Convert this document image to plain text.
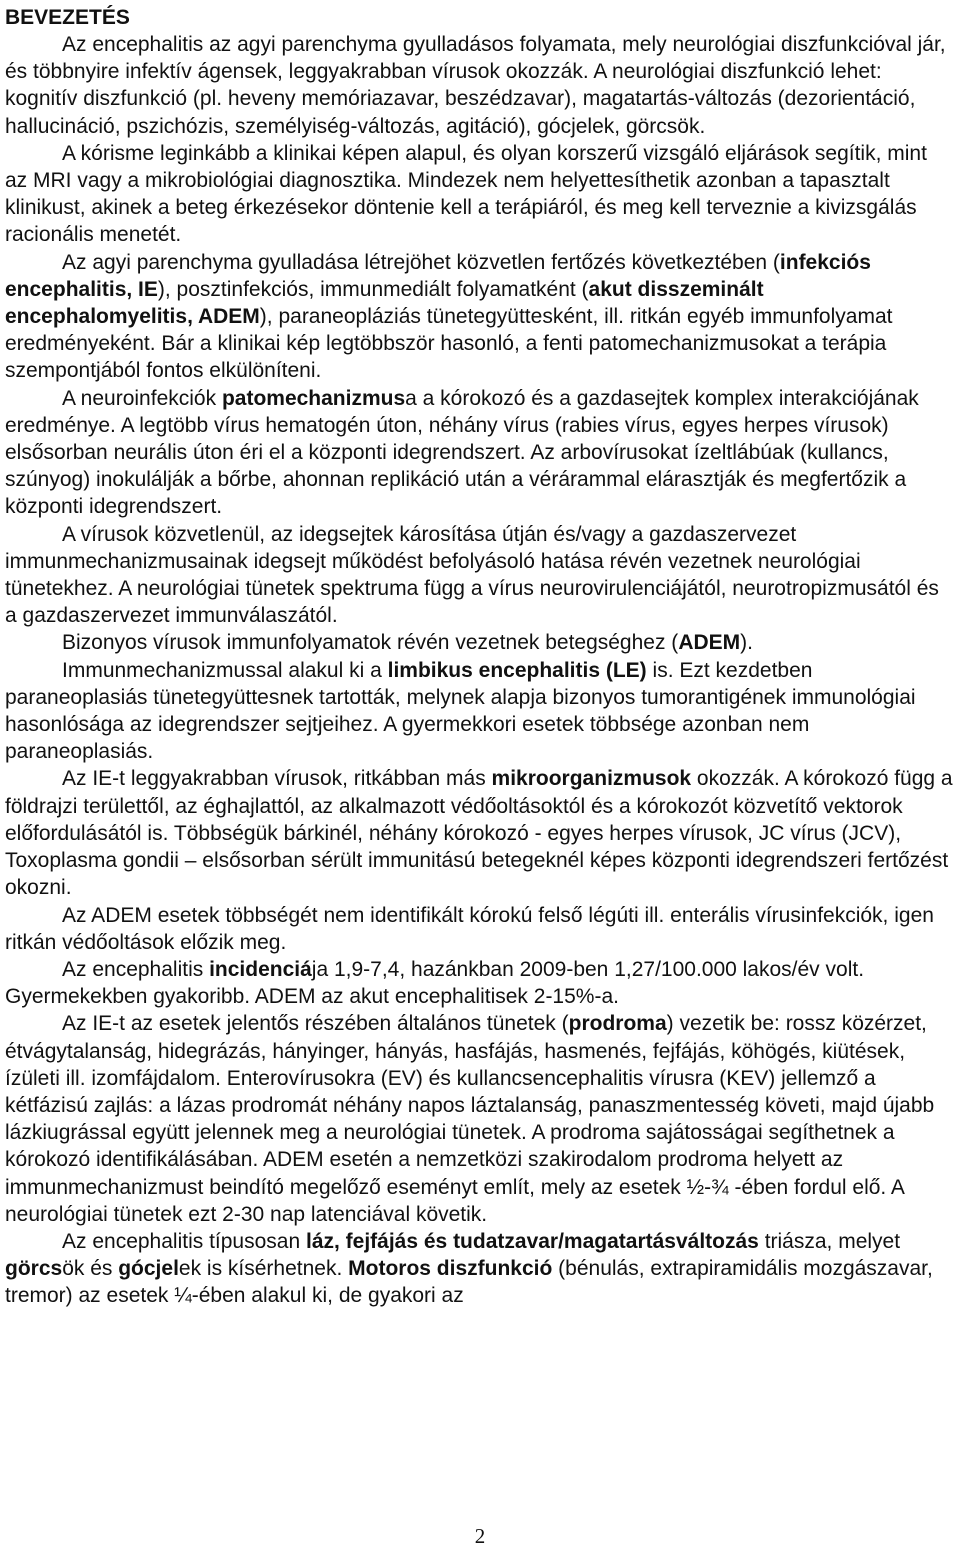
BEVEZETÉS

Az encephalitis az agyi parenchyma gyulladásos folyamata, mely neurológiai diszfunkcióval jár, és többnyire infektív ágensek, leggyakrabban vírusok okozzák. A neurológiai diszfunkció lehet: kognitív diszfunkció (pl. heveny memóriazavar, beszédzavar), magatartás-változás (dezorientáció, hallucináció, pszichózis, személyiség-változás, agitáció), gócjelek, görcsök.

A kórisme leginkább a klinikai képen alapul, és olyan korszerű vizsgáló eljárások segítik, mint az MRI vagy a mikrobiológiai diagnosztika. Mindezek nem helyettesíthetik azonban a tapasztalt klinikust, akinek a beteg érkezésekor döntenie kell a terápiáról, és meg kell terveznie a kivizsgálás racionális menetét.

Az agyi parenchyma gyulladása létrejöhet közvetlen fertőzés következtében (infekciós encephalitis, IE), posztinfekciós, immunmediált folyamatként (akut disszeminált encephalomyelitis, ADEM), paraneopláziás tünetegyüttesként, ill. ritkán egyéb immunfolyamat eredményeként. Bár a klinikai kép legtöbbször hasonló, a fenti patomechanizmusokat a terápia szempontjából fontos elkülöníteni.

A neuroinfekciók patomechanizmusa a kórokozó és a gazdasejtek komplex interakciójának eredménye. A legtöbb vírus hematogén úton, néhány vírus (rabies vírus, egyes herpes vírusok) elsősorban neurális úton éri el a központi idegrendszert. Az arbovírusokat ízeltlábúak (kullancs, szúnyog) inokulálják a bőrbe, ahonnan replikáció után a vérárammal elárasztják és megfertőzik a központi idegrendszert.

A vírusok közvetlenül, az idegsejtek károsítása útján és/vagy a gazdaszervezet immunmechanizmusainak idegsejt működést befolyásoló hatása révén vezetnek neurológiai tünetekhez. A neurológiai tünetek spektruma függ a vírus neurovirulenciájától, neurotropizmusától és a gazdaszervezet immunválaszától.

Bizonyos vírusok immunfolyamatok révén vezetnek betegséghez (ADEM).

Immunmechanizmussal alakul ki a limbikus encephalitis (LE) is. Ezt kezdetben paraneoplasiás tünetegyüttesnek tartották, melynek alapja bizonyos tumorantigének immunológiai hasonlósága az idegrendszer sejtjeihez. A gyermekkori esetek többsége azonban nem paraneoplasiás.

Az IE-t leggyakrabban vírusok, ritkábban más mikroorganizmusok okozzák. A kórokozó függ a földrajzi területtől, az éghajlattól, az alkalmazott védőoltásoktól és a kórokozót közvetítő vektorok előfordulásától is. Többségük bárkinél, néhány kórokozó - egyes herpes vírusok, JC vírus (JCV), Toxoplasma gondii – elsősorban sérült immunitású betegeknél képes központi idegrendszeri fertőzést okozni.

Az ADEM esetek többségét nem identifikált kórokú felső légúti ill. enterális vírusinfekciók, igen ritkán védőoltások előzik meg.

Az encephalitis incidenciája 1,9-7,4, hazánkban 2009-ben 1,27/100.000 lakos/év volt. Gyermekekben gyakoribb. ADEM az akut encephalitisek 2-15%-a.

Az IE-t az esetek jelentős részében általános tünetek (prodroma) vezetik be: rossz közérzet, étvágytalanság, hidegrázás, hányinger, hányás, hasfájás, hasmenés, fejfájás, köhögés, kiütések, ízületi ill. izomfájdalom. Enterovírusokra (EV) és kullancsencephalitis vírusra (KEV) jellemző a kétfázisú zajlás: a lázas prodromát néhány napos láztalanság, panaszmentesség követi, majd újabb lázkiugrással együtt jelennek meg a neurológiai tünetek. A prodroma sajátosságai segíthetnek a kórokozó identifikálásában. ADEM esetén a nemzetközi szakirodalom prodroma helyett az immunmechanizmust beindító megelőző eseményt említ, mely az esetek ½-¾ -ében fordul elő. A neurológiai tünetek ezt 2-30 nap latenciával követik.

Az encephalitis típusosan láz, fejfájás és tudatzavar/magatartásváltozás triásza, melyet görcsök és gócjelek is kísérhetnek. Motoros diszfunkció (bénulás, extrapiramidális mozgászavar, tremor) az esetek ¼-ében alakul ki, de gyakori az

2
